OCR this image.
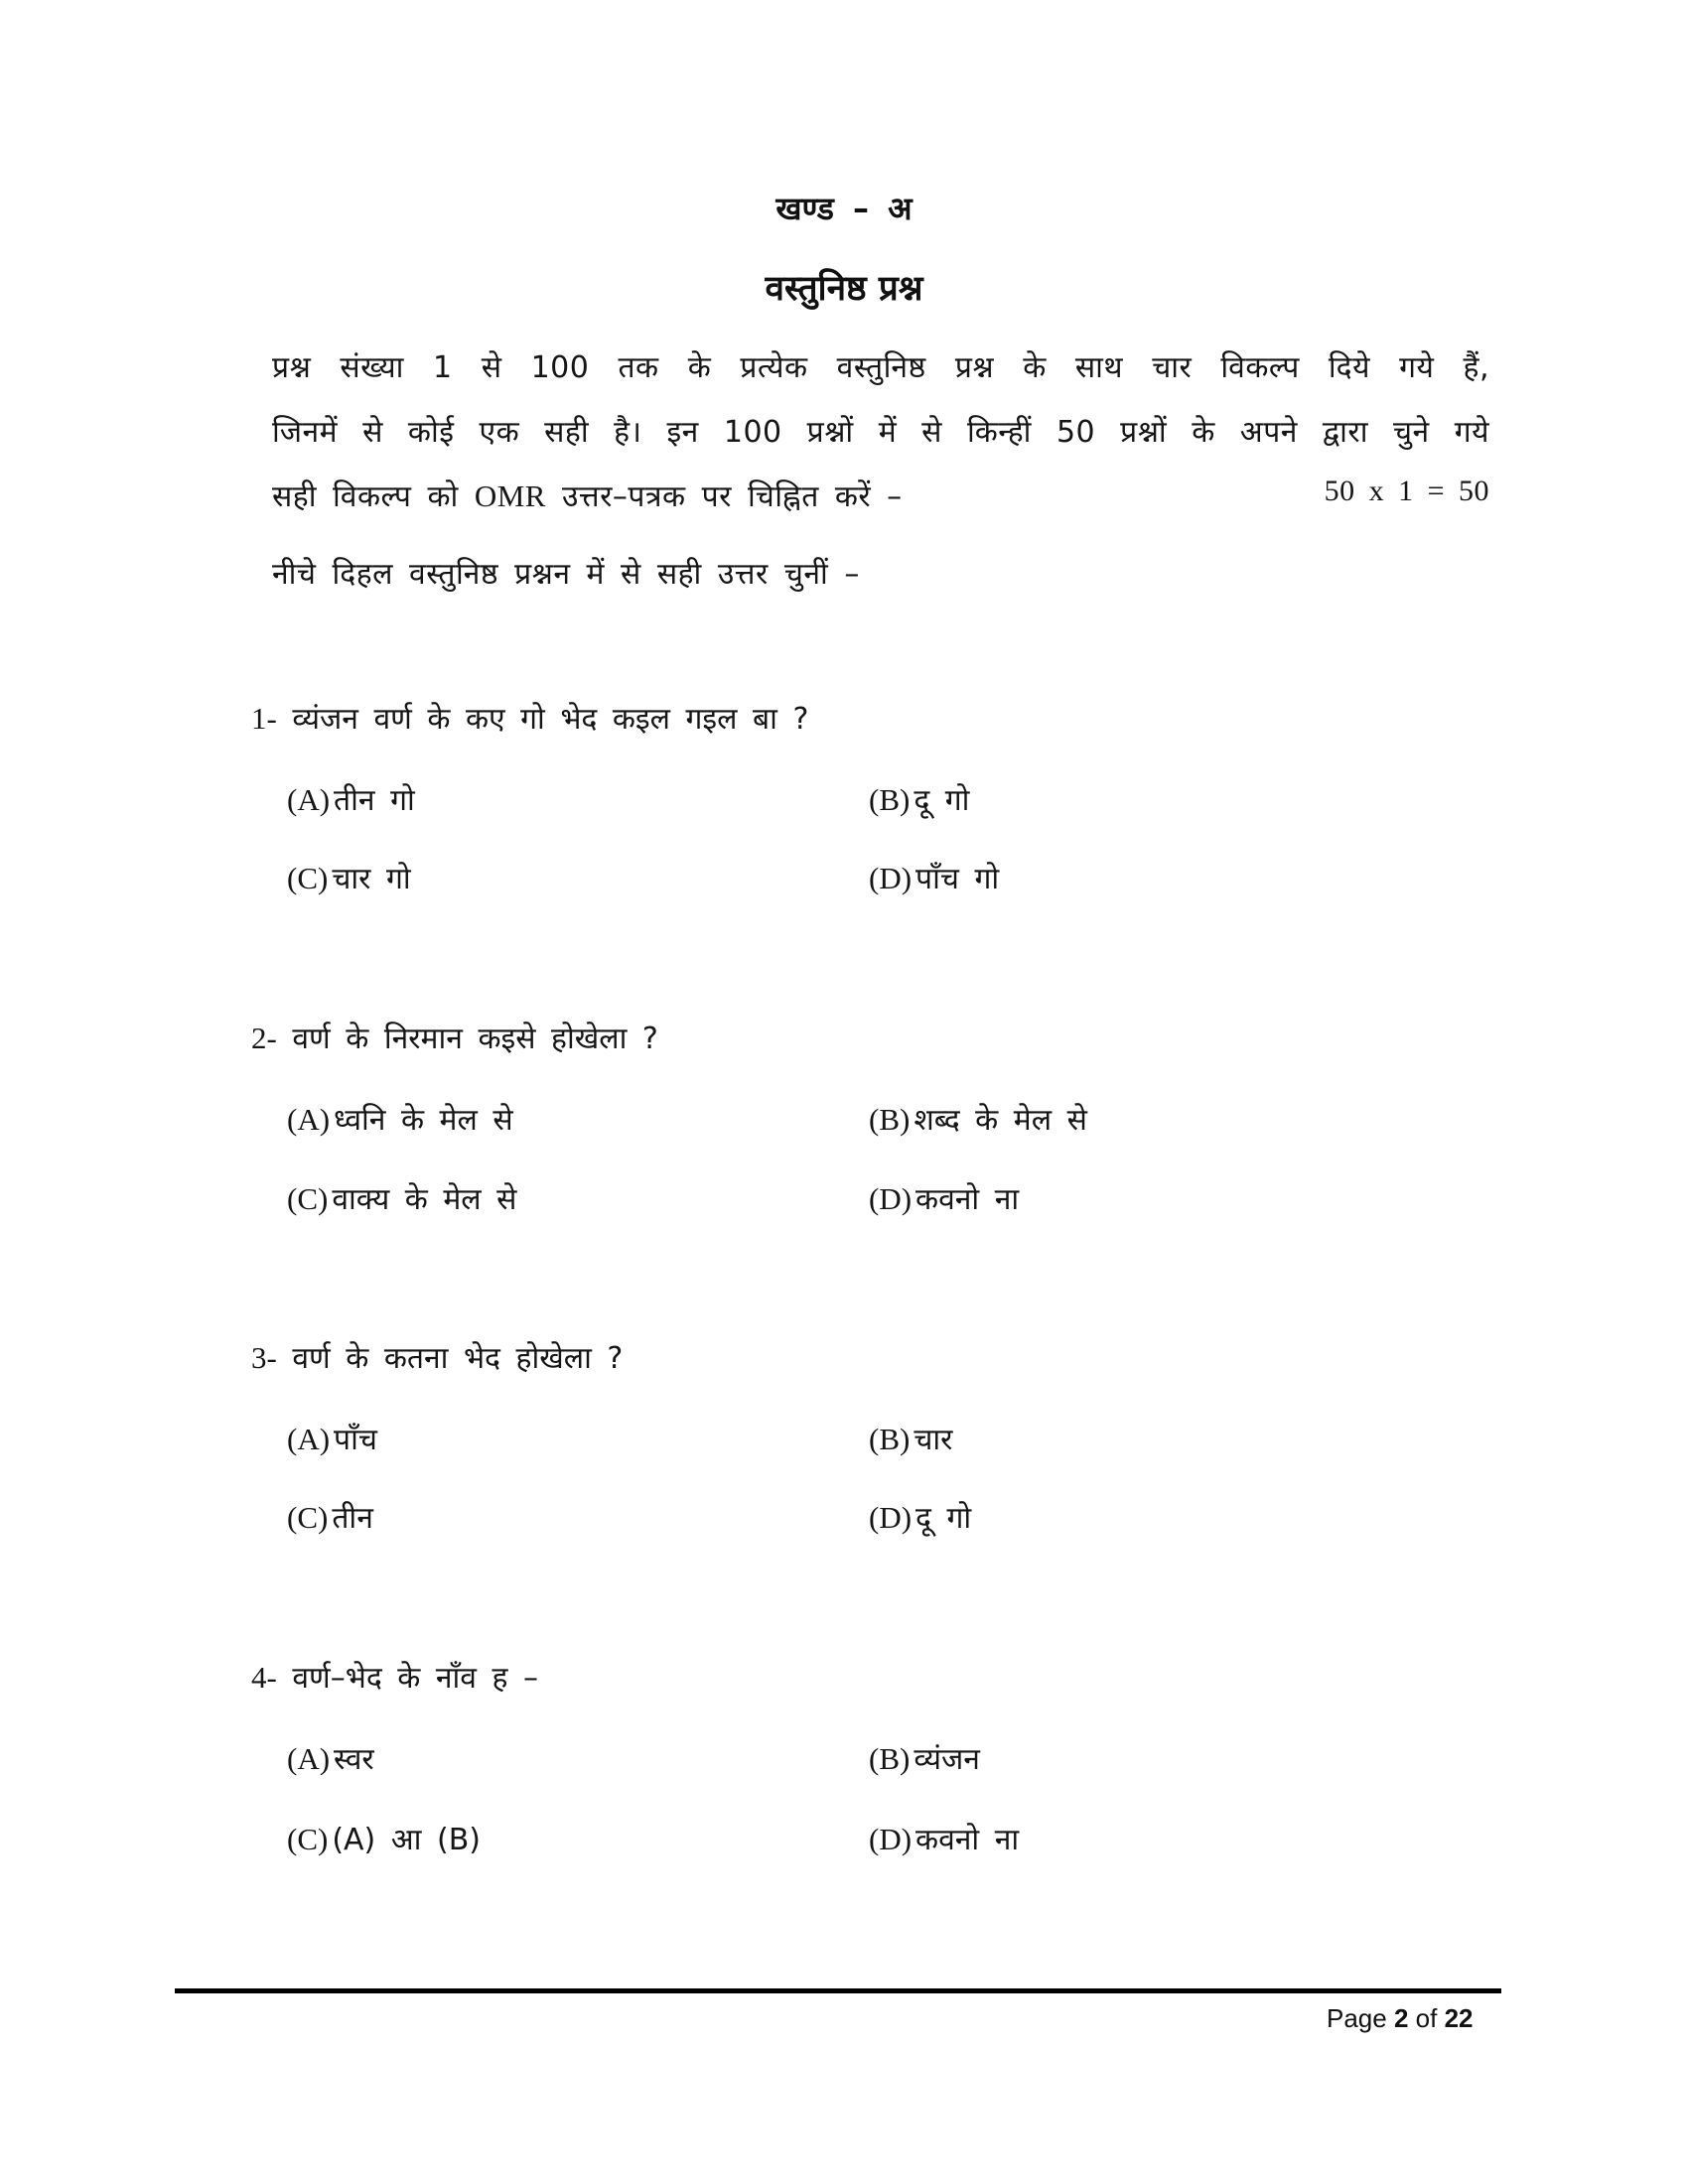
खण्ड – अ
वस्तुनिष्ठ प्रश्न
प्रश्न संख्या 1 से 100 तक के प्रत्येक वस्तुनिष्ठ प्रश्न के साथ चार विकल्प दिये गये हैं,
जिनमें से कोई एक सही है। इन 100 प्रश्नों में से किन्हीं 50 प्रश्नों के अपने द्वारा चुने गये
सही विकल्प को OMR उत्तर–पत्रक पर चिह्नित करें –	50 x 1 = 50
नीचे दिहल वस्तुनिष्ठ प्रश्नन में से सही उत्तर चुनीं –
1- व्यंजन वर्ण के कए गो भेद कइल गइल बा ?
(A) तीन गो	(B) दू गो
(C) चार गो	(D) पाँच गो
2- वर्ण के निरमान कइसे होखेला ?
(A) ध्वनि के मेल से	(B) शब्द के मेल से
(C) वाक्य के मेल से	(D) कवनो ना
3- वर्ण के कतना भेद होखेला ?
(A) पाँच	(B) चार
(C) तीन	(D) दू गो
4- वर्ण–भेद के नाँव ह –
(A) स्वर	(B) व्यंजन
(C) (A) आ (B)	(D) कवनो ना
Page 2 of 22
